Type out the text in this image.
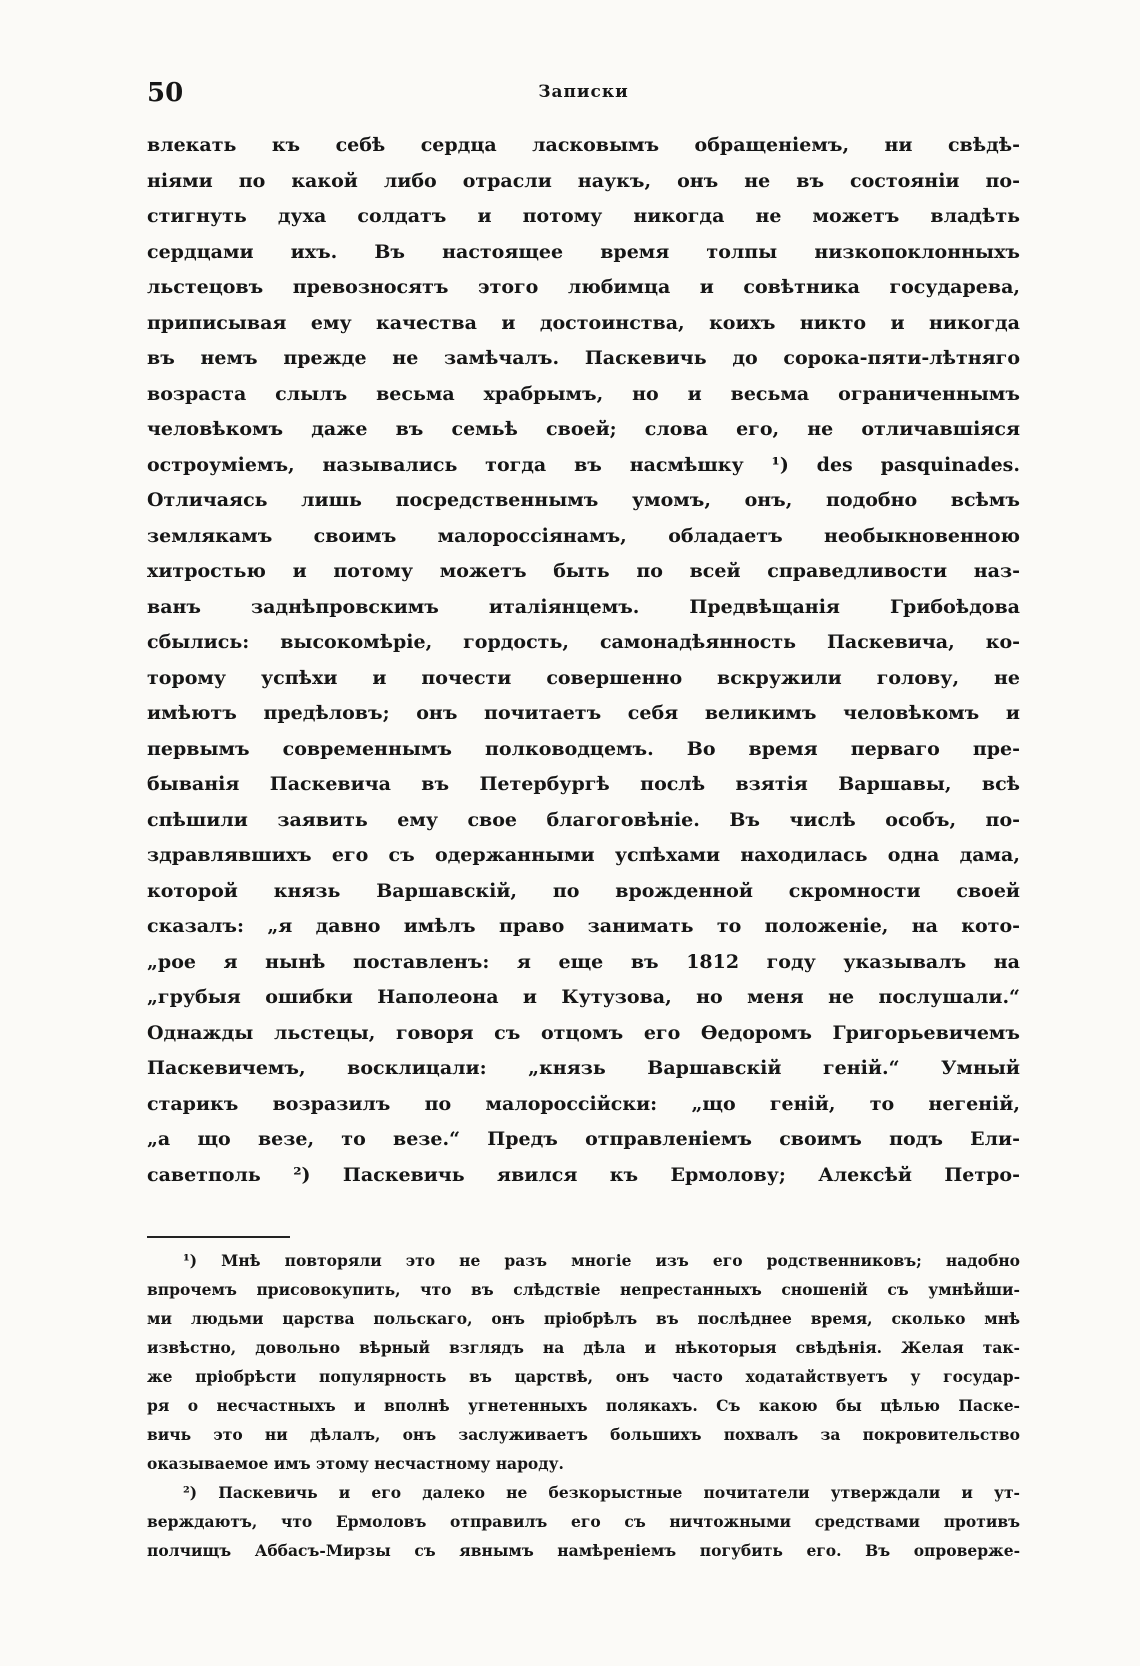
50	Записки
влекать къ себѣ сердца ласковымъ обращеніемъ, ни свѣдѣ-
ніями по какой либо отрасли наукъ, онъ не въ состояніи по-
стигнуть духа солдатъ и потому никогда не можетъ владѣть
сердцами ихъ. Въ настоящее время толпы низкопоклонныхъ
льстецовъ превозносятъ этого любимца и совѣтника государева,
приписывая ему качества и достоинства, коихъ никто и никогда
въ немъ прежде не замѣчалъ. Паскевичь до сорока-пяти-лѣтняго
возраста слылъ весьма храбрымъ, но и весьма ограниченнымъ
человѣкомъ даже въ семьѣ своей; слова его, не отличавшіяся
остроуміемъ, назывались тогда въ насмѣшку ¹) des pasquinades.
Отличаясь лишь посредственнымъ умомъ, онъ, подобно всѣмъ
землякамъ своимъ малороссіянамъ, обладаетъ необыкновенною
хитростью и потому можетъ быть по всей справедливости наз-
ванъ заднѣпровскимъ италіянцемъ. Предвѣщанія Грибоѣдова
сбылись: высокомѣріе, гордость, самонадѣянность Паскевича, ко-
торому успѣхи и почести совершенно вскружили голову, не
имѣютъ предѣловъ; онъ почитаетъ себя великимъ человѣкомъ и
первымъ современнымъ полководцемъ. Во время перваго пре-
быванія Паскевича въ Петербургѣ послѣ взятія Варшавы, всѣ
спѣшили заявить ему свое благоговѣніе. Въ числѣ особъ, по-
здравлявшихъ его съ одержанными успѣхами находилась одна дама,
которой князь Варшавскій, по врожденной скромности своей
сказалъ: „я давно имѣлъ право занимать то положеніе, на кото-
„рое я нынѣ поставленъ: я еще въ 1812 году указывалъ на
„грубыя ошибки Наполеона и Кутузова, но меня не послушали.“
Однажды льстецы, говоря съ отцомъ его Ѳедоромъ Григорьевичемъ
Паскевичемъ, восклицали: „князь Варшавскій геній.“ Умный
старикъ возразилъ по малороссійски: „що геній, то негеній,
„а що везе, то везе.“ Предъ отправленіемъ своимъ подъ Ели-
саветполь ²) Паскевичь явился къ Ермолову; Алексѣй Петро-
¹) Мнѣ повторяли это не разъ многіе изъ его родственниковъ; надобно
впрочемъ присовокупить, что въ слѣдствіе непрестанныхъ сношеній съ умнѣйши-
ми людьми царства польскаго, онъ пріобрѣлъ въ послѣднее время, сколько мнѣ
извѣстно, довольно вѣрный взглядъ на дѣла и нѣкоторыя свѣдѣнія. Желая так-
же пріобрѣсти популярность въ царствѣ, онъ часто ходатайствуетъ у государ-
ря о несчастныхъ и вполнѣ угнетенныхъ полякахъ. Съ какою бы цѣлью Паске-
вичь это ни дѣлалъ, онъ заслуживаетъ большихъ похвалъ за покровительство
оказываемое имъ этому несчастному народу.
²) Паскевичь и его далеко не безкорыстные почитатели утверждали и ут-
верждаютъ, что Ермоловъ отправилъ его съ ничтожными средствами противъ
полчищъ Аббасъ-Мирзы съ явнымъ намѣреніемъ погубить его. Въ опроверже-
